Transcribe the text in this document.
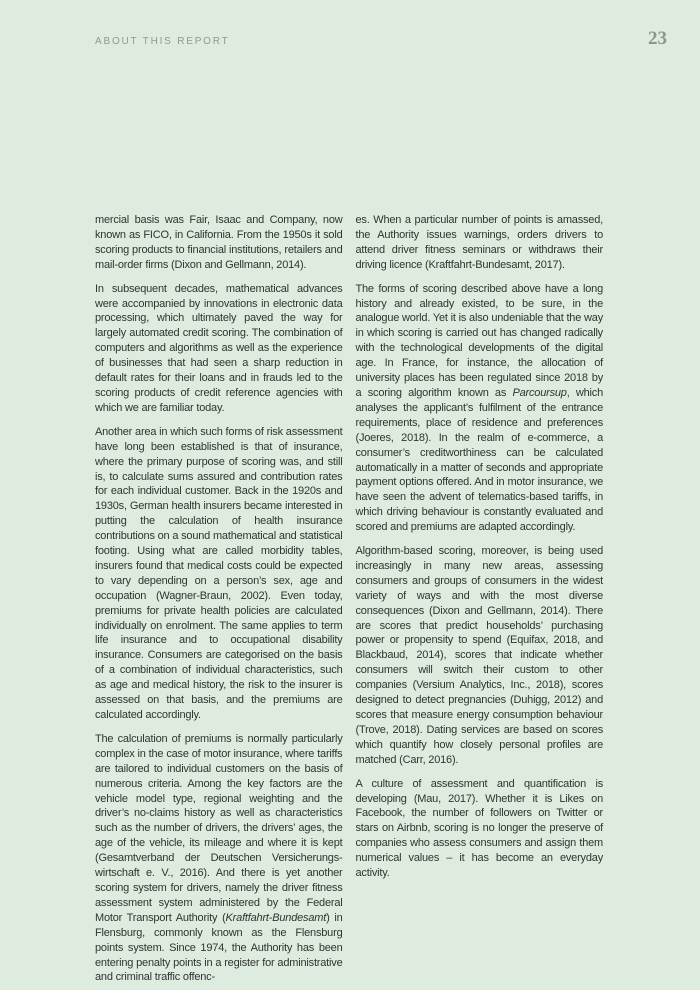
ABOUT THIS REPORT	23

mercial basis was Fair, Isaac and Company, now known as FICO, in California. From the 1950s it sold scoring products to financial institutions, retailers and mail-order firms (Dixon and Gellmann, 2014).

In subsequent decades, mathematical advances were accompanied by innovations in electronic data processing, which ultimately paved the way for largely automated credit scoring. The combination of computers and algorithms as well as the experience of businesses that had seen a sharp reduction in default rates for their loans and in frauds led to the scoring products of credit reference agencies with which we are familiar today.

Another area in which such forms of risk assessment have long been established is that of insurance, where the primary purpose of scoring was, and still is, to calculate sums assured and contribution rates for each individual customer. Back in the 1920s and 1930s, German health insurers became interested in putting the calculation of health insurance contributions on a sound mathematical and statistical footing. Using what are called morbidity tables, insurers found that medical costs could be expected to vary depending on a person’s sex, age and occupation (Wagner-Braun, 2002). Even today, premiums for private health policies are calculated individually on enrolment. The same applies to term life insurance and to occupational disability insurance. Consumers are categorised on the basis of a combination of individual characteristics, such as age and medical history, the risk to the insurer is assessed on that basis, and the premiums are calculated accordingly.

The calculation of premiums is normally particularly complex in the case of motor insurance, where tariffs are tailored to individual customers on the basis of numerous criteria. Among the key factors are the vehicle model type, regional weighting and the driver’s no-claims history as well as characteristics such as the number of drivers, the drivers’ ages, the age of the vehicle, its mileage and where it is kept (Gesamtverband der Deutschen Versicherungs-wirtschaft e. V., 2016). And there is yet another scoring system for drivers, namely the driver fitness assessment system administered by the Federal Motor Transport Authority (Kraftfahrt-Bundesamt) in Flensburg, commonly known as the Flensburg points system. Since 1974, the Authority has been entering penalty points in a register for administrative and criminal traffic offenc-

es. When a particular number of points is amassed, the Authority issues warnings, orders drivers to attend driver fitness seminars or withdraws their driving licence (Kraftfahrt-Bundesamt, 2017).

The forms of scoring described above have a long history and already existed, to be sure, in the analogue world. Yet it is also undeniable that the way in which scoring is carried out has changed radically with the technological developments of the digital age. In France, for instance, the allocation of university places has been regulated since 2018 by a scoring algorithm known as Parcoursup, which analyses the applicant’s fulfilment of the entrance requirements, place of residence and preferences (Joeres, 2018). In the realm of e-commerce, a consumer’s creditworthiness can be calculated automatically in a matter of seconds and appropriate payment options offered. And in motor insurance, we have seen the advent of telematics-based tariffs, in which driving behaviour is constantly evaluated and scored and premiums are adapted accordingly.

Algorithm-based scoring, moreover, is being used increasingly in many new areas, assessing consumers and groups of consumers in the widest variety of ways and with the most diverse consequences (Dixon and Gellmann, 2014). There are scores that predict households’ purchasing power or propensity to spend (Equifax, 2018, and Blackbaud, 2014), scores that indicate whether consumers will switch their custom to other companies (Versium Analytics, Inc., 2018), scores designed to detect pregnancies (Duhigg, 2012) and scores that measure energy consumption behaviour (Trove, 2018). Dating services are based on scores which quantify how closely personal profiles are matched (Carr, 2016).

A culture of assessment and quantification is developing (Mau, 2017). Whether it is Likes on Facebook, the number of followers on Twitter or stars on Airbnb, scoring is no longer the preserve of companies who assess consumers and assign them numerical values – it has become an everyday activity.
